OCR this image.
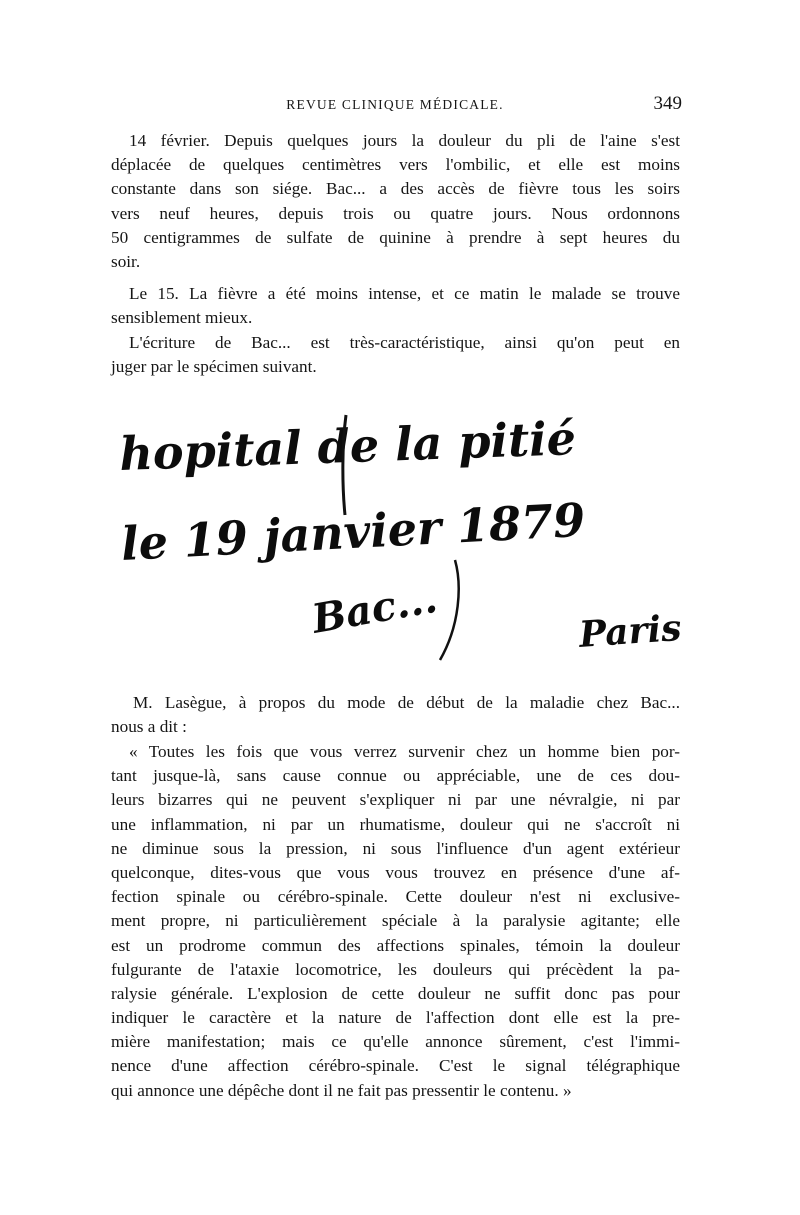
REVUE CLINIQUE MÉDICALE.	349
14 février. Depuis quelques jours la douleur du pli de l'aine s'est
déplacée de quelques centimètres vers l'ombilic, et elle est moins
constante dans son siége. Bac... a des accès de fièvre tous les soirs
vers neuf heures, depuis trois ou quatre jours. Nous ordonnons
50 centigrammes de sulfate de quinine à prendre à sept heures du
soir.
Le 15. La fièvre a été moins intense, et ce matin le malade se trouve
sensiblement mieux.
L'écriture de Bac... est très-caractéristique, ainsi qu'on peut en
juger par le spécimen suivant.
hopital de la pitié
le 19 janvier 1879
Bac...	Paris
M. Lasègue, à propos du mode de début de la maladie chez Bac...
nous a dit :
« Toutes les fois que vous verrez survenir chez un homme bien por-
tant jusque-là, sans cause connue ou appréciable, une de ces dou-
leurs bizarres qui ne peuvent s'expliquer ni par une névralgie, ni par
une inflammation, ni par un rhumatisme, douleur qui ne s'accroît ni
ne diminue sous la pression, ni sous l'influence d'un agent extérieur
quelconque, dites-vous que vous vous trouvez en présence d'une af-
fection spinale ou cérébro-spinale. Cette douleur n'est ni exclusive-
ment propre, ni particulièrement spéciale à la paralysie agitante; elle
est un prodrome commun des affections spinales, témoin la douleur
fulgurante de l'ataxie locomotrice, les douleurs qui précèdent la pa-
ralysie générale. L'explosion de cette douleur ne suffit donc pas pour
indiquer le caractère et la nature de l'affection dont elle est la pre-
mière manifestation; mais ce qu'elle annonce sûrement, c'est l'immi-
nence d'une affection cérébro-spinale. C'est le signal télégraphique
qui annonce une dépêche dont il ne fait pas pressentir le contenu. »
